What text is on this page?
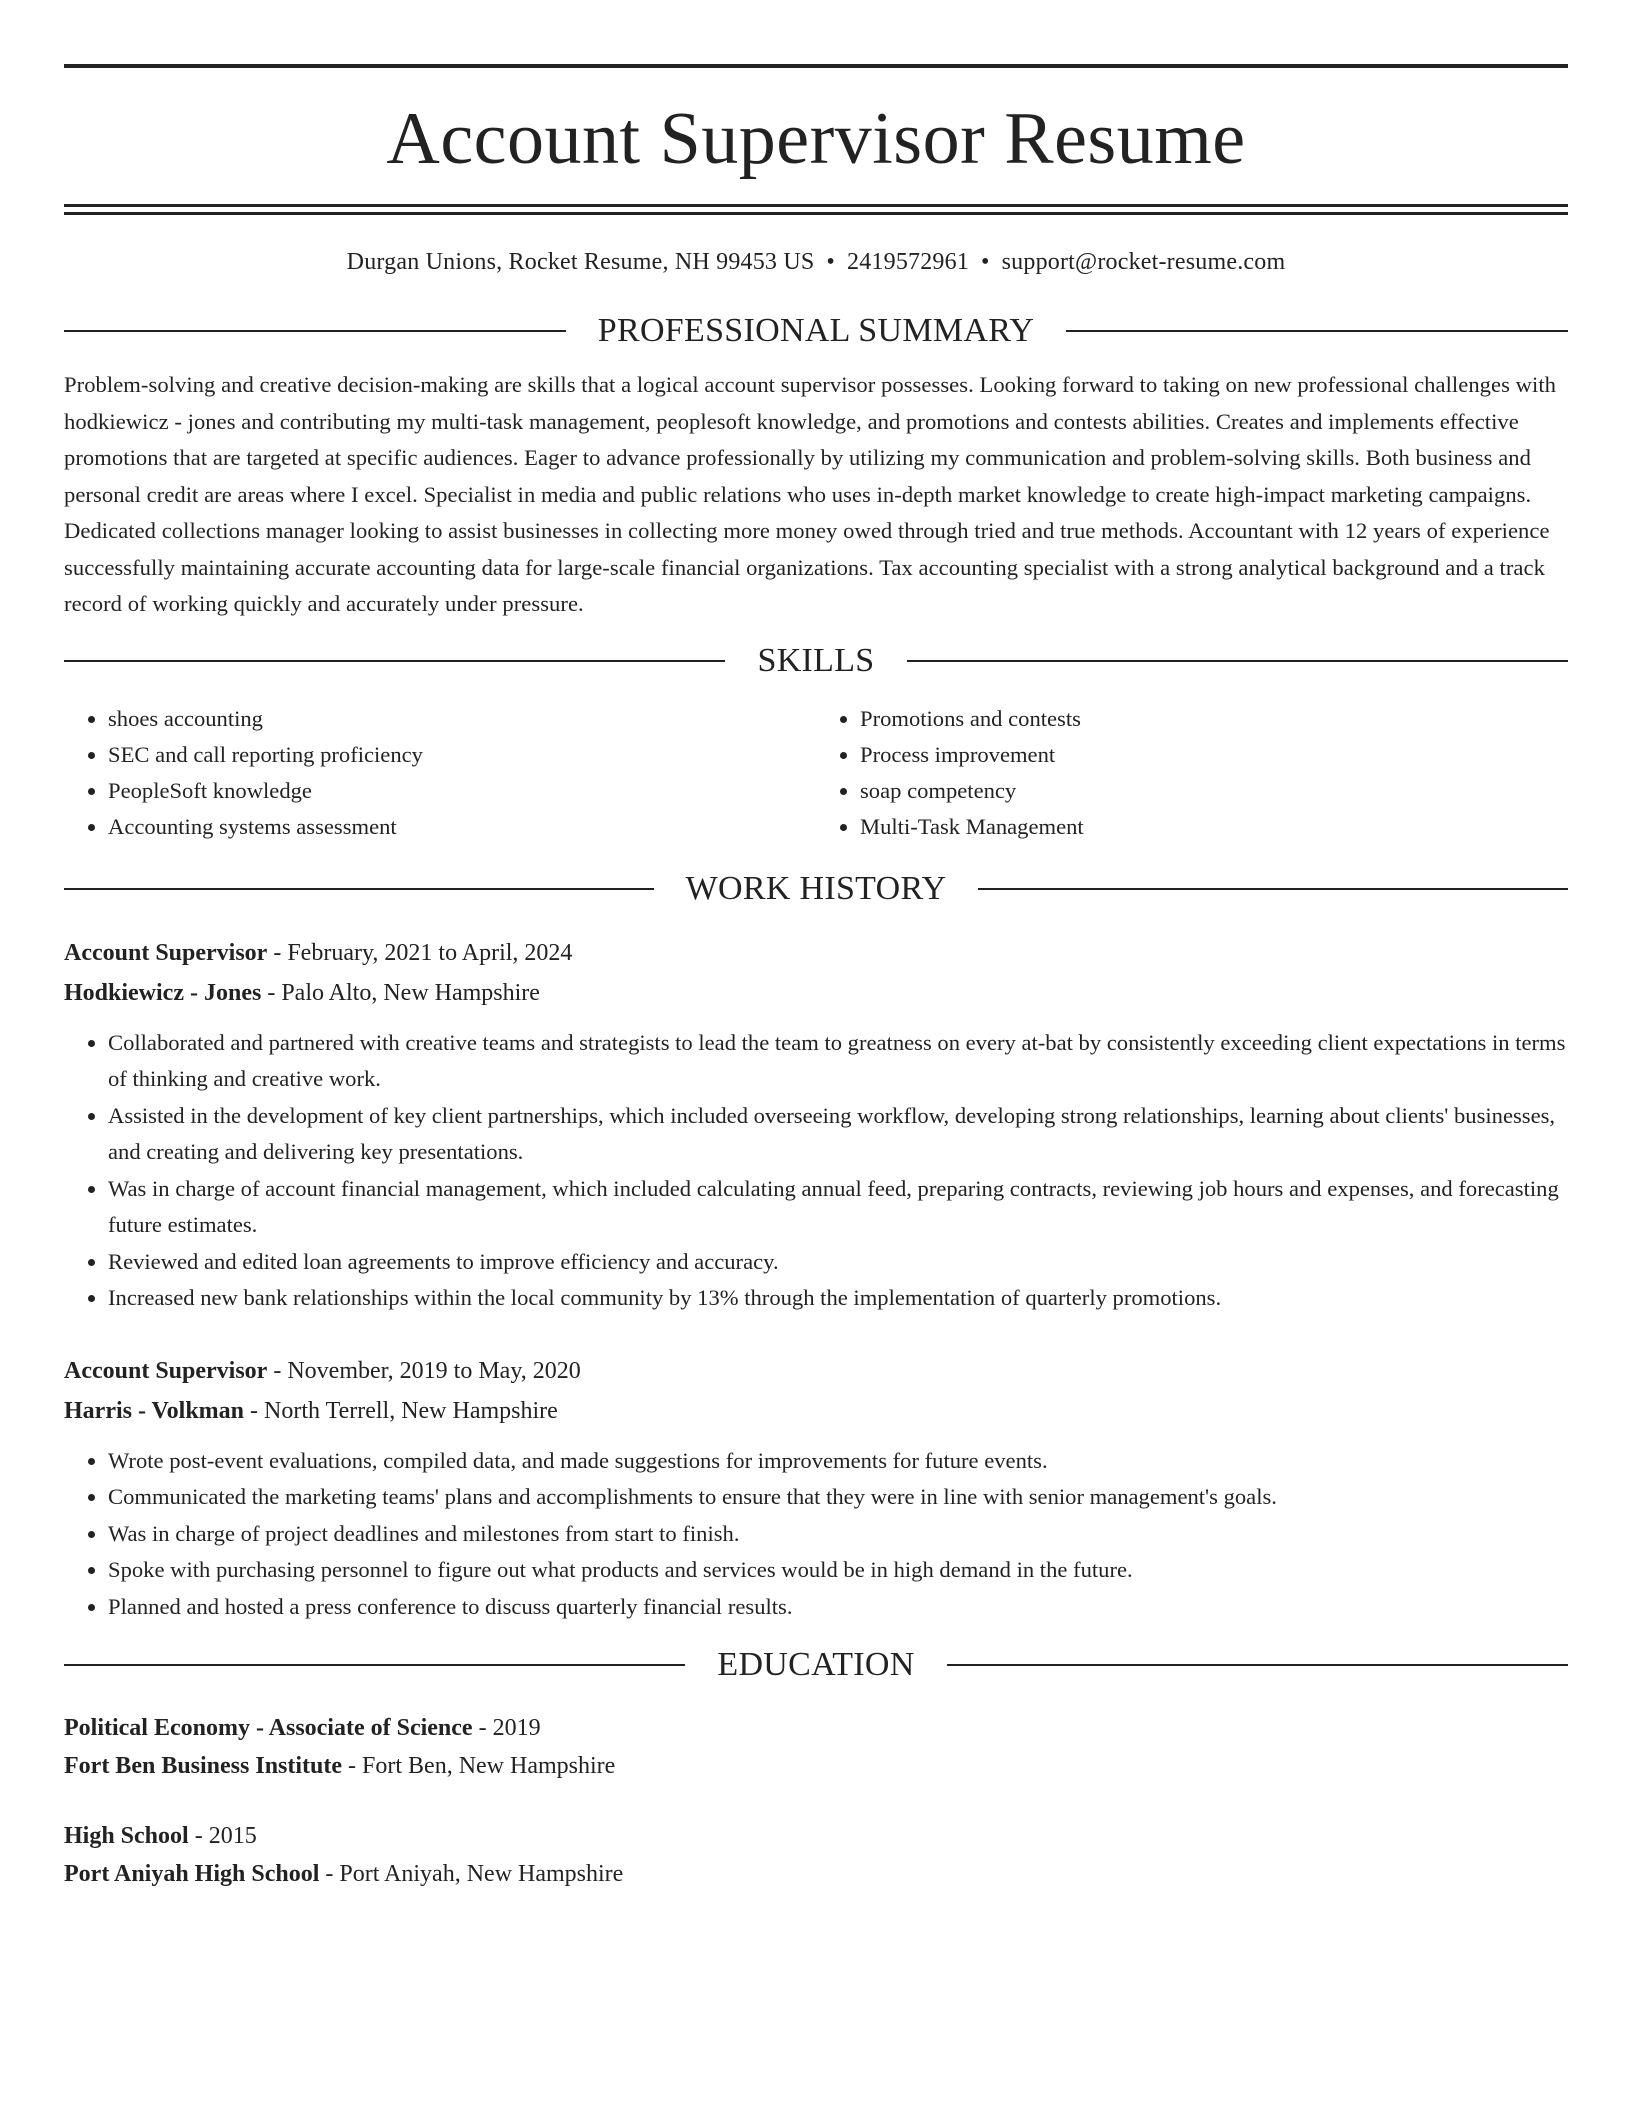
Account Supervisor Resume
Durgan Unions, Rocket Resume, NH 99453 US • 2419572961 • support@rocket-resume.com
PROFESSIONAL SUMMARY
Problem-solving and creative decision-making are skills that a logical account supervisor possesses. Looking forward to taking on new professional challenges with hodkiewicz - jones and contributing my multi-task management, peoplesoft knowledge, and promotions and contests abilities. Creates and implements effective promotions that are targeted at specific audiences. Eager to advance professionally by utilizing my communication and problem-solving skills. Both business and personal credit are areas where I excel. Specialist in media and public relations who uses in-depth market knowledge to create high-impact marketing campaigns. Dedicated collections manager looking to assist businesses in collecting more money owed through tried and true methods. Accountant with 12 years of experience successfully maintaining accurate accounting data for large-scale financial organizations. Tax accounting specialist with a strong analytical background and a track record of working quickly and accurately under pressure.
SKILLS
• shoes accounting
• SEC and call reporting proficiency
• PeopleSoft knowledge
• Accounting systems assessment
• Promotions and contests
• Process improvement
• soap competency
• Multi-Task Management
WORK HISTORY
Account Supervisor - February, 2021 to April, 2024
Hodkiewicz - Jones - Palo Alto, New Hampshire
• Collaborated and partnered with creative teams and strategists to lead the team to greatness on every at-bat by consistently exceeding client expectations in terms of thinking and creative work.
• Assisted in the development of key client partnerships, which included overseeing workflow, developing strong relationships, learning about clients' businesses, and creating and delivering key presentations.
• Was in charge of account financial management, which included calculating annual feed, preparing contracts, reviewing job hours and expenses, and forecasting future estimates.
• Reviewed and edited loan agreements to improve efficiency and accuracy.
• Increased new bank relationships within the local community by 13% through the implementation of quarterly promotions.
Account Supervisor - November, 2019 to May, 2020
Harris - Volkman - North Terrell, New Hampshire
• Wrote post-event evaluations, compiled data, and made suggestions for improvements for future events.
• Communicated the marketing teams' plans and accomplishments to ensure that they were in line with senior management's goals.
• Was in charge of project deadlines and milestones from start to finish.
• Spoke with purchasing personnel to figure out what products and services would be in high demand in the future.
• Planned and hosted a press conference to discuss quarterly financial results.
EDUCATION
Political Economy - Associate of Science - 2019
Fort Ben Business Institute - Fort Ben, New Hampshire
High School - 2015
Port Aniyah High School - Port Aniyah, New Hampshire
